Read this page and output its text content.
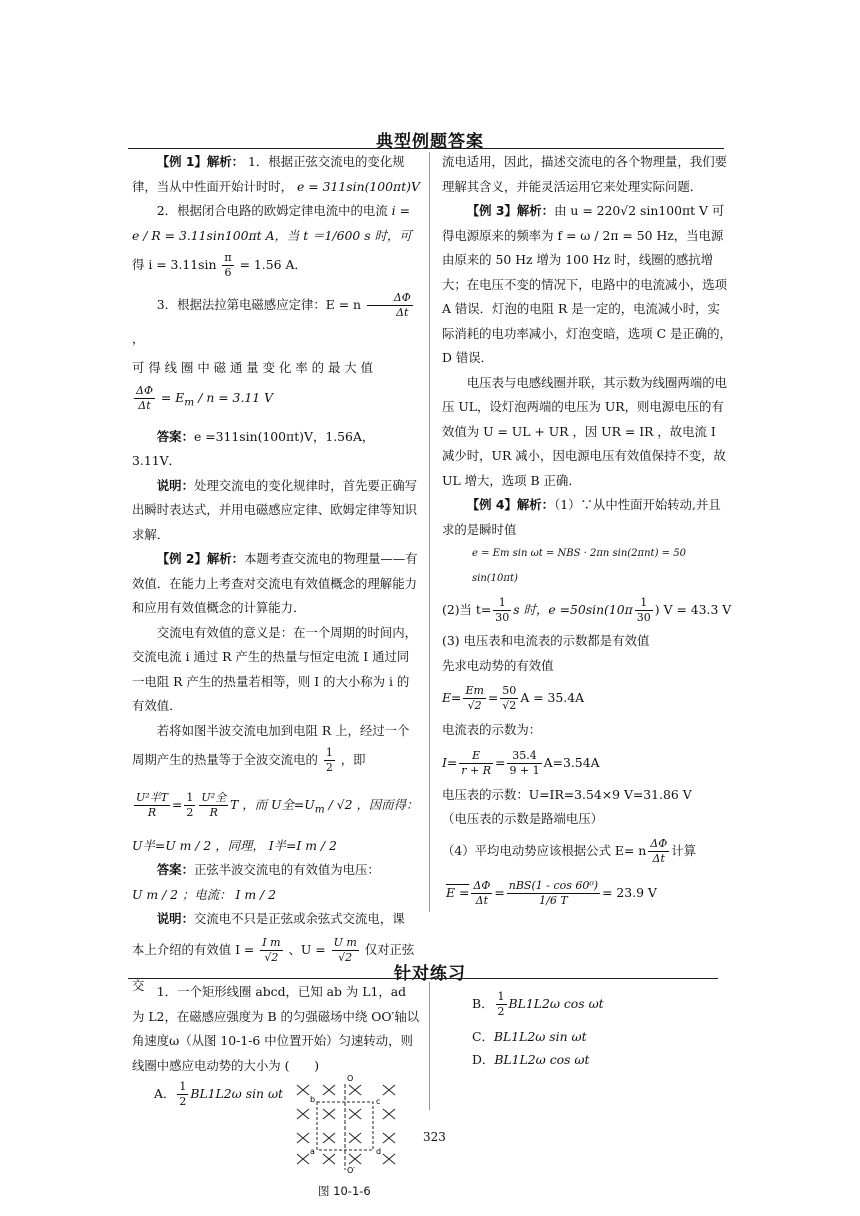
典型例题答案

【例 1】解析： 1．根据正弦交流电的变化规律，当从中性面开始计时时， e = 311sin(100πt)V

2．根据闭合电路的欧姆定律电流中的电流 i = e / R = 3.11sin100πt A，当 t ＝1/600 s 时，可

得 $i = 3.11\sin \frac{\pi}{6} = 1.56$ A．

3．根据法拉第电磁感应定律：E = n $\frac{\Delta\Phi}{\Delta t}$
，

可 得 线 圈 中 磁 通 量 变 化 率 的 最 大 值

$\frac{\Delta\Phi}{\Delta t} = E_m / n = 3.11$ V

答案：e =311sin(100πt)V，1.56A，3.11V．

说明：处理交流电的变化规律时，首先要正确写出瞬时表达式，并用电磁感应定律、欧姆定律等知识求解．

【例 2】解析：本题考查交流电的物理量——有效值．在能力上考查对交流电有效值概念的理解能力和应用有效值概念的计算能力．

交流电有效值的意义是：在一个周期的时间内，交流电流 i 通过 R 产生的热量与恒定电流 I 通过同一电阻 R 产生的热量若相等，则 I 的大小称为 i 的有效值．

若将如图半波交流电加到电阻 R 上，经过一个

周期产生的热量等于全波交流电的 $\frac{1}{2}$ ，即

$\frac{\text{U²半T}}{R} = \frac{1}{2} \frac{\text{U²全}}{R}$ T ，而 U全$=U_m / √2$ ，因而得：

U半=U m / 2 ，同理， I半=I m / 2

答案：正弦半波交流电的有效值为电压：

U m / 2 ；电流： I m / 2

说明：交流电不只是正弦或余弦式交流电，课

本上介绍的有效值 $I = \frac{\text{I m}}{√2}$ 、$U = \frac{\text{U m}}{√2}$ 仅对正弦交

流电适用，因此，描述交流电的各个物理量，我们要理解其含义，并能灵活运用它来处理实际问题．

【例 3】解析：由 u = 220√2 sin100πt V 可得电源原来的频率为 f = ω / 2π = 50 Hz，当电源由原来的 50 Hz 增为 100 Hz 时，线圈的感抗增大；在电压不变的情况下，电路中的电流减小，选项 A 错误．灯泡的电阻 R 是一定的，电流减小时，实际消耗的电功率减小，灯泡变暗，选项 C 是正确的，D 错误．

电压表与电感线圈并联，其示数为线圈两端的电压 UL，设灯泡两端的电压为 UR，则电源电压的有效值为 U = UL + UR ，因 UR = IR ，故电流 I 减少时，UR 减小，因电源电压有效值保持不变，故 UL 增大，选项 B 正确．

【例 4】解析：（1）∵从中性面开始转动,并且求的是瞬时值

e = Em sin ωt = NBS · 2πn sin(2πnt) = 50 sin(10πt)

(2)当 $t= \frac{1}{30}$ s 时，$e =50\sin(10\pi \frac{1}{30}$ ) V = 43.3 V

(3) 电压表和电流表的示数都是有效值

先求电动势的有效值

$E= \frac{Em}{√2} = \frac{50}{√2}$ A = 35.4A

电流表的示数为：

$I= \frac{E}{r + R} = \frac{35.4}{9 + 1} A=3.54A$

电压表的示数：U=IR=3.54×9 V=31.86 V

（电压表的示数是路端电压）

（4）平均电动势应该根据公式 E= n $\frac{\Delta\Phi}{\Delta t}$ 计算

$E = \frac{\Delta\Phi}{\Delta t} = \frac{\text{nBS(1 - cos 60⁰)}}{1/6 T} = 23.9$ V

针对练习

1．一个矩形线圈 abcd，已知 ab 为 L1，ad 为 L2，在磁感应强度为 B 的匀强磁场中绕 OO′轴以角速度ω（从图 10-1-6 中位置开始）匀速转动，则线圈中感应电动势的大小为 (　　)

A． $\frac{1}{2} BL1L2\omega$ sin ωt
B． $\frac{1}{2} BL1L2\omega$ cos ωt
C．BL1L2ω sin ωt
D．BL1L2ω cos ωt
O
O′
b	c
a	d
323
图 10-1-6
